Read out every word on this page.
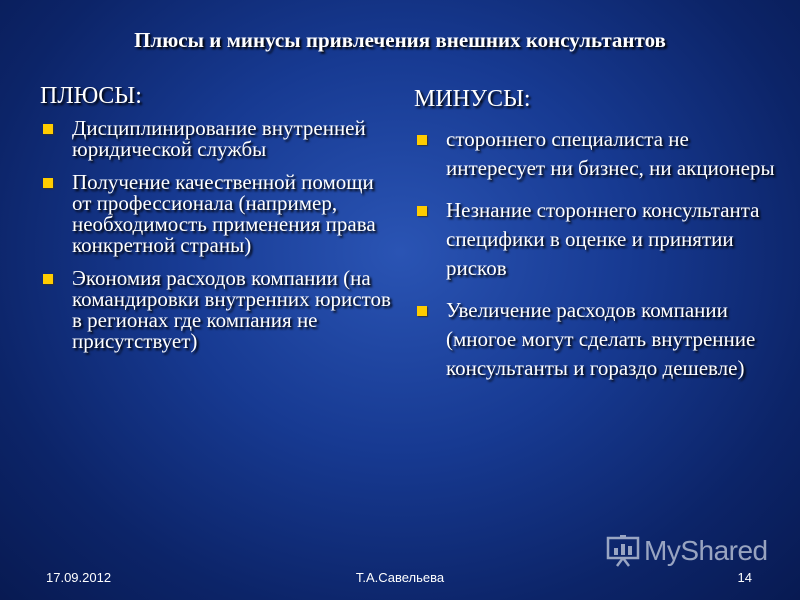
Плюсы и минусы привлечения внешних консультантов
ПЛЮСЫ:
Дисциплинирование внутренней юридической службы
Получение качественной помощи от профессионала (например, необходимость применения права конкретной страны)
Экономия расходов компании (на командировки внутренних юристов в регионах где компания не присутствует)
МИНУСЫ:
стороннего специалиста не интересует ни бизнес, ни акционеры
Незнание стороннего консультанта специфики в оценке и принятии рисков
Увеличение расходов компании (многое могут сделать внутренние консультанты и гораздо дешевле)
17.09.2012	Т.А.Савельева	14
MyShared
